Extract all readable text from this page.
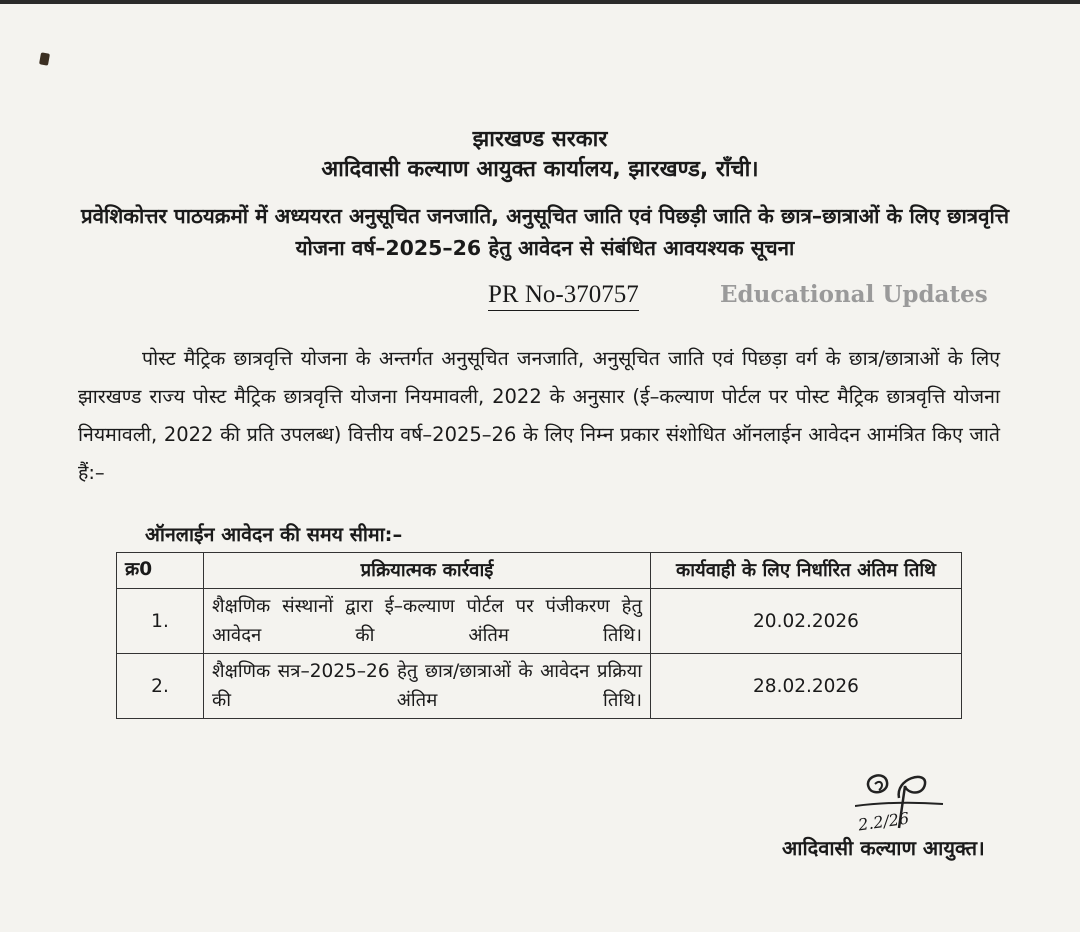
झारखण्ड सरकार
आदिवासी कल्याण आयुक्त कार्यालय, झारखण्ड, राँची।
प्रवेशिकोत्तर पाठयक्रमों में अध्ययरत अनुसूचित जनजाति, अनुसूचित जाति एवं पिछड़ी जाति के छात्र–छात्राओं के लिए छात्रवृत्ति योजना वर्ष–2025–26 हेतु आवेदन से संबंधित आवयश्यक सूचना
PR No-370757	Educational Updates
पोस्ट मैट्रिक छात्रवृत्ति योजना के अन्तर्गत अनुसूचित जनजाति, अनुसूचित जाति एवं पिछड़ा वर्ग के छात्र/छात्राओं के लिए झारखण्ड राज्य पोस्ट मैट्रिक छात्रवृत्ति योजना नियमावली, 2022 के अनुसार (ई–कल्याण पोर्टल पर पोस्ट मैट्रिक छात्रवृत्ति योजना नियमावली, 2022 की प्रति उपलब्ध) वित्तीय वर्ष–2025–26 के लिए निम्न प्रकार संशोधित ऑनलाईन आवेदन आमंत्रित किए जाते हैं:–
ऑनलाईन आवेदन की समय सीमा:–
क्र0	प्रक्रियात्मक कार्रवाई	कार्यवाही के लिए निर्धारित अंतिम तिथि
1.	शैक्षणिक संस्थानों द्वारा ई–कल्याण पोर्टल पर पंजीकरण हेतु आवेदन की अंतिम तिथि।	20.02.2026
2.	शैक्षणिक सत्र–2025–26 हेतु छात्र/छात्राओं के आवेदन प्रक्रिया की अंतिम तिथि।	28.02.2026
2.2/26
आदिवासी कल्याण आयुक्त।
